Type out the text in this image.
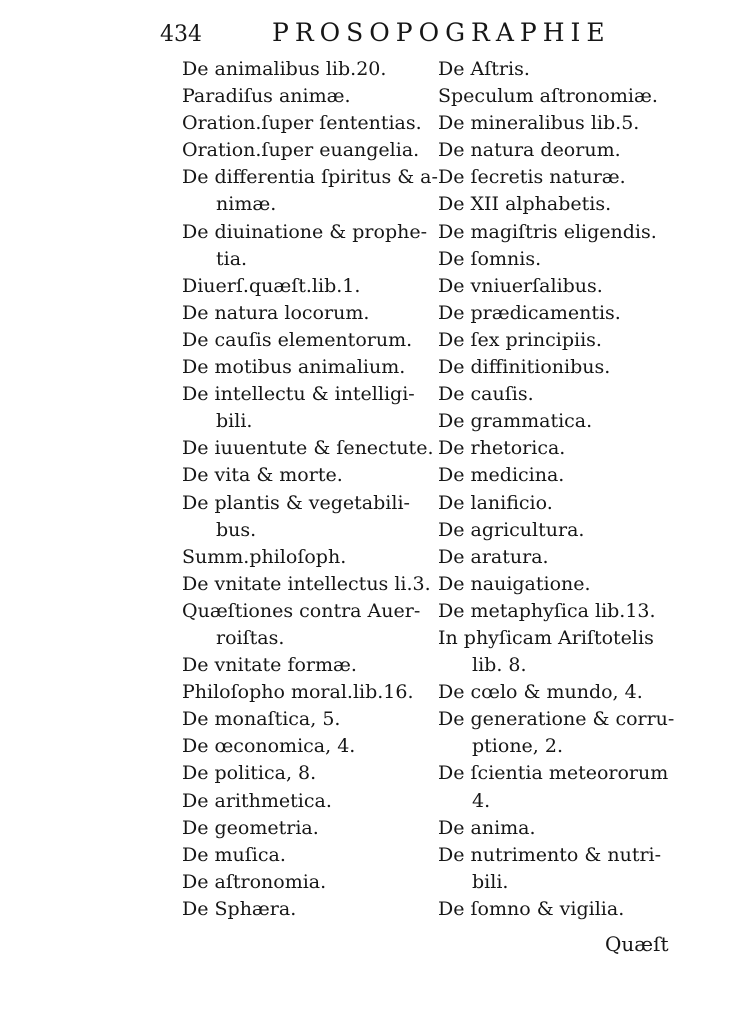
434	PROSOPOGRAPHIE
De animalibus lib.20.
Paradiſus animæ.
Oration.ſuper ſententias.
Oration.ſuper euangelia.
De differentia ſpiritus & a-
nimæ.
De diuinatione & prophe-
tia.
Diuerſ.quæſt.lib.1.
De natura locorum.
De cauſis elementorum.
De motibus animalium.
De intellectu & intelligi-
bili.
De iuuentute & ſenectute.
De vita & morte.
De plantis & vegetabili-
bus.
Summ.philoſoph.
De vnitate intellectus li.3.
Quæſtiones contra Auer-
roiſtas.
De vnitate formæ.
Philoſopho moral.lib.16.
De monaſtica, 5.
De œconomica, 4.
De politica, 8.
De arithmetica.
De geometria.
De muſica.
De aſtronomia.
De Sphæra.
De Aſtris.
Speculum aſtronomiæ.
De mineralibus lib.5.
De natura deorum.
De ſecretis naturæ.
De XII alphabetis.
De magiſtris eligendis.
De ſomnis.
De vniuerſalibus.
De prædicamentis.
De ſex principiis.
De diffinitionibus.
De cauſis.
De grammatica.
De rhetorica.
De medicina.
De lanificio.
De agricultura.
De aratura.
De nauigatione.
De metaphyſica lib.13.
In phyſicam Ariſtotelis
lib. 8.
De cœlo & mundo, 4.
De generatione & corru-
ptione, 2.
De ſcientia meteororum
4.
De anima.
De nutrimento & nutri-
bili.
De ſomno & vigilia.
Quæſt
